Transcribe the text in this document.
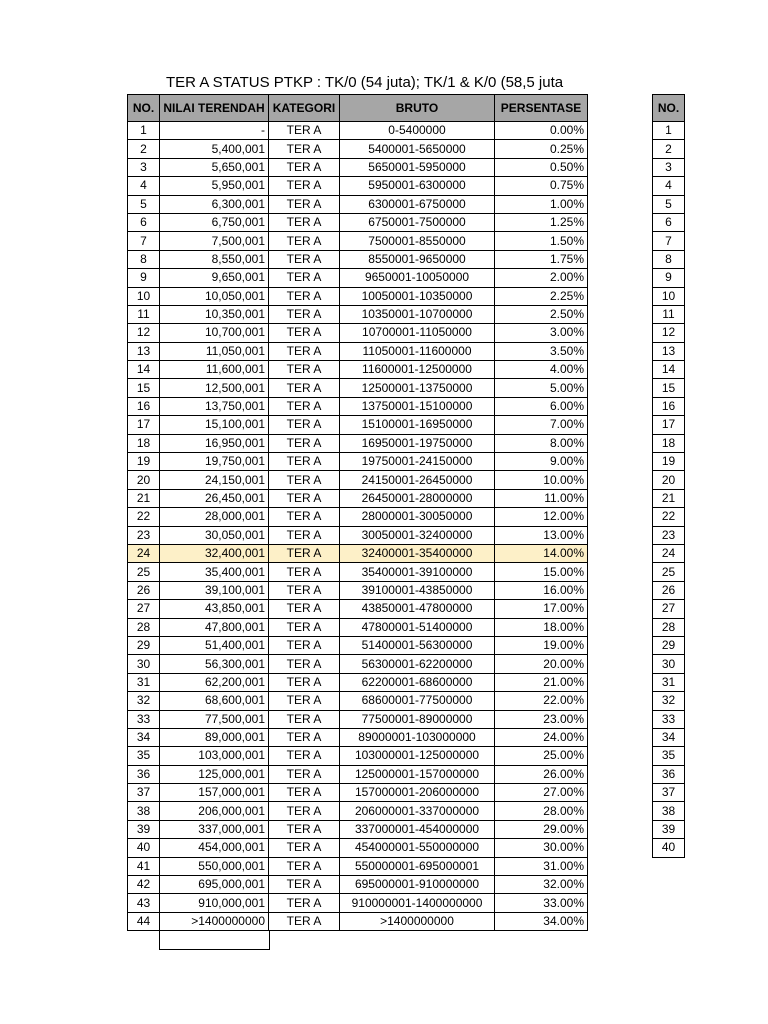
TER A STATUS PTKP : TK/0 (54 juta); TK/1 & K/0 (58,5 juta
NO.	NILAI TERENDAH	KATEGORI	BRUTO	PERSENTASE
1	-	TER A	0-5400000	0.00%
2	5,400,001	TER A	5400001-5650000	0.25%
3	5,650,001	TER A	5650001-5950000	0.50%
4	5,950,001	TER A	5950001-6300000	0.75%
5	6,300,001	TER A	6300001-6750000	1.00%
6	6,750,001	TER A	6750001-7500000	1.25%
7	7,500,001	TER A	7500001-8550000	1.50%
8	8,550,001	TER A	8550001-9650000	1.75%
9	9,650,001	TER A	9650001-10050000	2.00%
10	10,050,001	TER A	10050001-10350000	2.25%
11	10,350,001	TER A	10350001-10700000	2.50%
12	10,700,001	TER A	10700001-11050000	3.00%
13	11,050,001	TER A	11050001-11600000	3.50%
14	11,600,001	TER A	11600001-12500000	4.00%
15	12,500,001	TER A	12500001-13750000	5.00%
16	13,750,001	TER A	13750001-15100000	6.00%
17	15,100,001	TER A	15100001-16950000	7.00%
18	16,950,001	TER A	16950001-19750000	8.00%
19	19,750,001	TER A	19750001-24150000	9.00%
20	24,150,001	TER A	24150001-26450000	10.00%
21	26,450,001	TER A	26450001-28000000	11.00%
22	28,000,001	TER A	28000001-30050000	12.00%
23	30,050,001	TER A	30050001-32400000	13.00%
24	32,400,001	TER A	32400001-35400000	14.00%
25	35,400,001	TER A	35400001-39100000	15.00%
26	39,100,001	TER A	39100001-43850000	16.00%
27	43,850,001	TER A	43850001-47800000	17.00%
28	47,800,001	TER A	47800001-51400000	18.00%
29	51,400,001	TER A	51400001-56300000	19.00%
30	56,300,001	TER A	56300001-62200000	20.00%
31	62,200,001	TER A	62200001-68600000	21.00%
32	68,600,001	TER A	68600001-77500000	22.00%
33	77,500,001	TER A	77500001-89000000	23.00%
34	89,000,001	TER A	89000001-103000000	24.00%
35	103,000,001	TER A	103000001-125000000	25.00%
36	125,000,001	TER A	125000001-157000000	26.00%
37	157,000,001	TER A	157000001-206000000	27.00%
38	206,000,001	TER A	206000001-337000000	28.00%
39	337,000,001	TER A	337000001-454000000	29.00%
40	454,000,001	TER A	454000001-550000000	30.00%
41	550,000,001	TER A	550000001-695000001	31.00%
42	695,000,001	TER A	695000001-910000000	32.00%
43	910,000,001	TER A	910000001-1400000000	33.00%
44	>1400000000	TER A	>1400000000	34.00%
NO.
1
2
3
4
5
6
7
8
9
10
11
12
13
14
15
16
17
18
19
20
21
22
23
24
25
26
27
28
29
30
31
32
33
34
35
36
37
38
39
40
